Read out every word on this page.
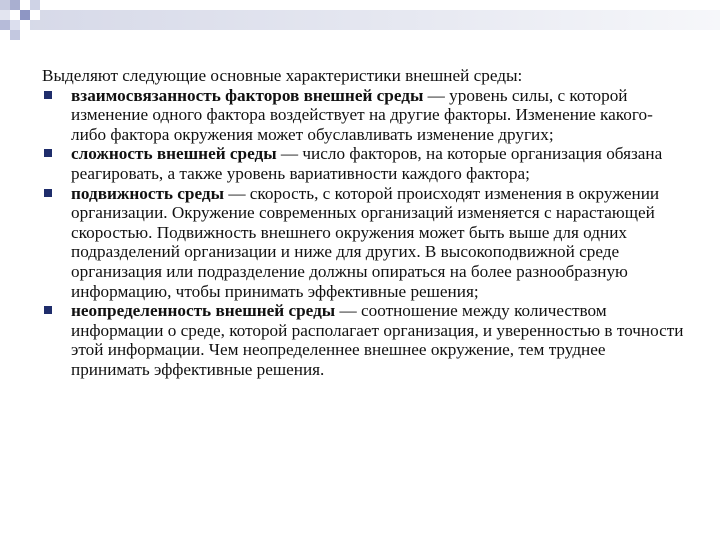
Выделяют следующие основные характеристики внешней среды:

взаимосвязанность факторов внешней среды — уровень силы, с которой изменение одного фактора воздействует на другие факторы. Изменение какого-либо фактора окружения может обуславливать изменение других;
сложность внешней среды — число факторов, на которые организация обязана реагировать, а также уровень вариативности каждого фактора;
подвижность среды — скорость, с которой происходят изменения в окружении организации. Окружение современных организаций изменяется с нарастающей скоростью. Подвижность внешнего окружения может быть выше для одних подразделений организации и ниже для других. В высокоподвижной среде организация или подразделение должны опираться на более разнообразную информацию, чтобы принимать эффективные решения;
неопределенность внешней среды — соотношение между количеством информации о среде, которой располагает организация, и уверенностью в точности этой информации. Чем неопределеннее внешнее окружение, тем труднее принимать эффективные решения.
